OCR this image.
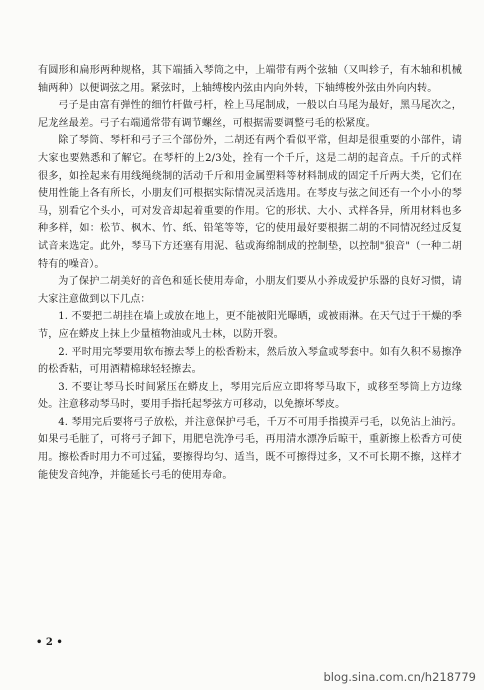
有圆形和扁形两种规格，其下端插入琴筒之中，上端带有两个弦轴（又叫轸子，有木轴和机械轴两种）以便调弦之用。紧弦时，上轴缚梭内弦由内向外转，下轴缚梭外弦由外向内转。

弓子是由富有弹性的细竹杆做弓杆，栓上马尾制成，一般以白马尾为最好，黑马尾次之，尼龙丝最差。弓子右端通常带有调节螺丝，可根据需要调整弓毛的松紧度。

除了琴筒、琴杆和弓子三个部份外，二胡还有两个看似平常，但却是很重要的小部件，请大家也要熟悉和了解它。在琴杆的上2/3处，拴有一个千斤，这是二胡的起音点。千斤的式样很多，如拴起来有用线绳绕制的活动千斤和用金属塑料等材料制成的固定千斤两大类，它们在使用性能上各有所长，小朋友们可根据实际情况灵活选用。在琴皮与弦之间还有一个小小的琴马，别看它个头小，可对发音却起着重要的作用。它的形状、大小、式样各异，所用材料也多种多样，如：松节、枫木、竹、纸、铅笔等等，它的使用最好要根据二胡的不同情况经过反复试音来选定。此外，琴马下方还塞有用泥、毡或海绵制成的控制垫，以控制"狼音"（一种二胡特有的噪音）。

为了保护二胡美好的音色和延长使用寿命，小朋友们要从小养成爱护乐器的良好习惯，请大家注意做到以下几点：

1. 不要把二胡挂在墙上或放在地上，更不能被阳光曝晒，或被雨淋。在天气过于干燥的季节，应在蟒皮上抹上少量植物油或凡士林，以防开裂。

2. 平时用完琴要用软布擦去琴上的松香粉末，然后放入琴盒或琴套中。如有久积不易擦净的松香粘，可用酒精棉球轻轻擦去。

3. 不要让琴马长时间紧压在蟒皮上，琴用完后应立即将琴马取下，或移至琴筒上方边缘处。注意移动琴马时，要用手指托起琴弦方可移动，以免擦坏琴皮。

4. 琴用完后要将弓子放松，并注意保护弓毛，千万不可用手指摸弄弓毛，以免沾上油污。如果弓毛脏了，可将弓子卸下，用肥皂洗净弓毛，再用清水漂净后晾干，重新擦上松香方可使用。擦松香时用力不可过猛，要擦得均匀、适当，既不可擦得过多，又不可长期不擦，这样才能使发音纯净，并能延长弓毛的使用寿命。

• 2 •
blog.sina.com.cn/h218779
